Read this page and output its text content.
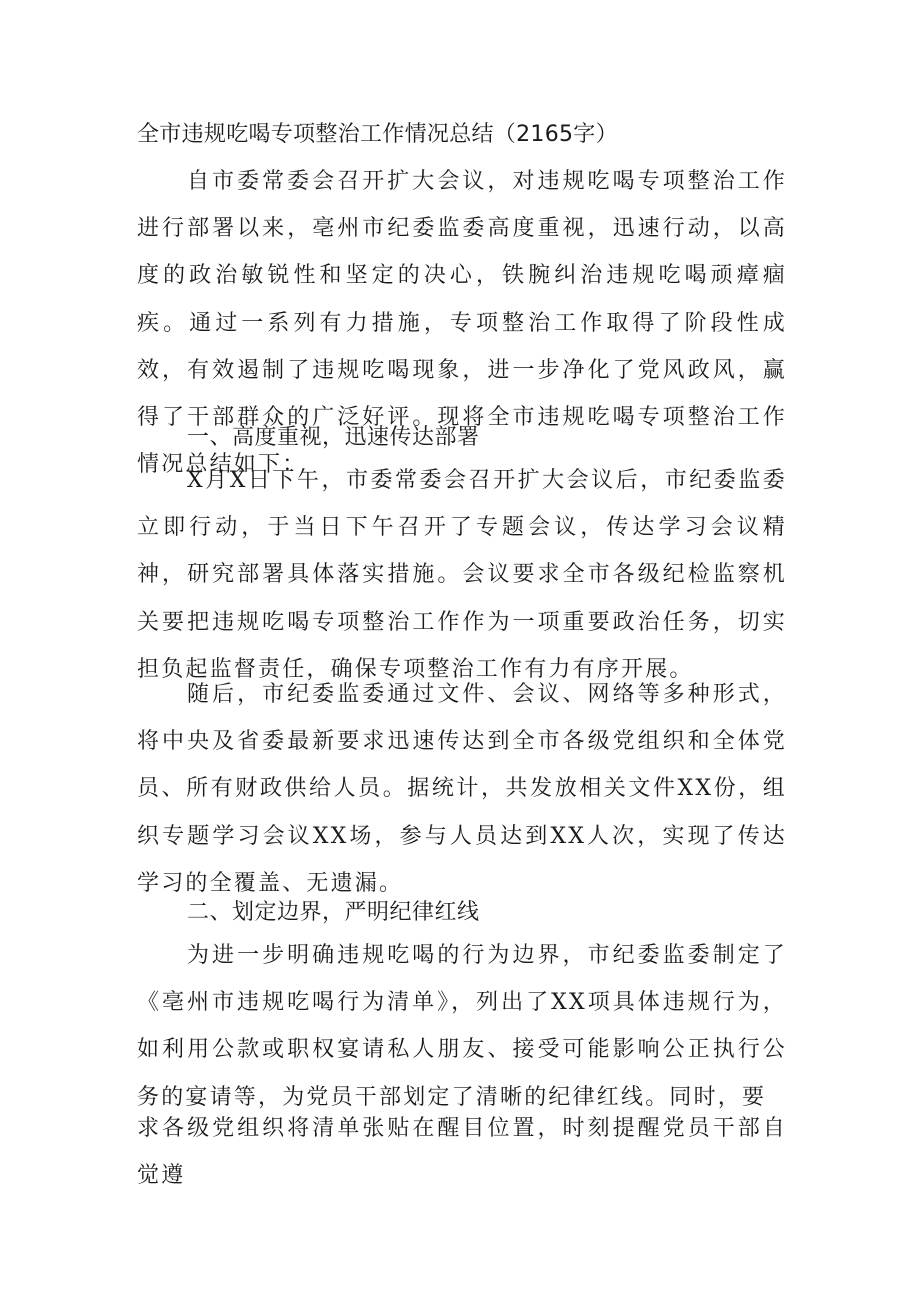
全市违规吃喝专项整治工作情况总结（2165字）

自市委常委会召开扩大会议，对违规吃喝专项整治工作进行部署以来，亳州市纪委监委高度重视，迅速行动，以高度的政治敏锐性和坚定的决心，铁腕纠治违规吃喝顽瘴痼疾。通过一系列有力措施，专项整治工作取得了阶段性成效，有效遏制了违规吃喝现象，进一步净化了党风政风，赢得了干部群众的广泛好评。现将全市违规吃喝专项整治工作情况总结如下：

一、高度重视，迅速传达部署

X月X日下午，市委常委会召开扩大会议后，市纪委监委立即行动，于当日下午召开了专题会议，传达学习会议精神，研究部署具体落实措施。会议要求全市各级纪检监察机关要把违规吃喝专项整治工作作为一项重要政治任务，切实担负起监督责任，确保专项整治工作有力有序开展。

随后，市纪委监委通过文件、会议、网络等多种形式，将中央及省委最新要求迅速传达到全市各级党组织和全体党员、所有财政供给人员。据统计，共发放相关文件XX份，组织专题学习会议XX场，参与人员达到XX人次，实现了传达学习的全覆盖、无遗漏。

二、划定边界，严明纪律红线

为进一步明确违规吃喝的行为边界，市纪委监委制定了《亳州市违规吃喝行为清单》，列出了XX项具体违规行为，如利用公款或职权宴请私人朋友、接受可能影响公正执行公务的宴请等，为党员干部划定了清晰的纪律红线。同时，要

求各级党组织将清单张贴在醒目位置，时刻提醒党员干部自觉遵
